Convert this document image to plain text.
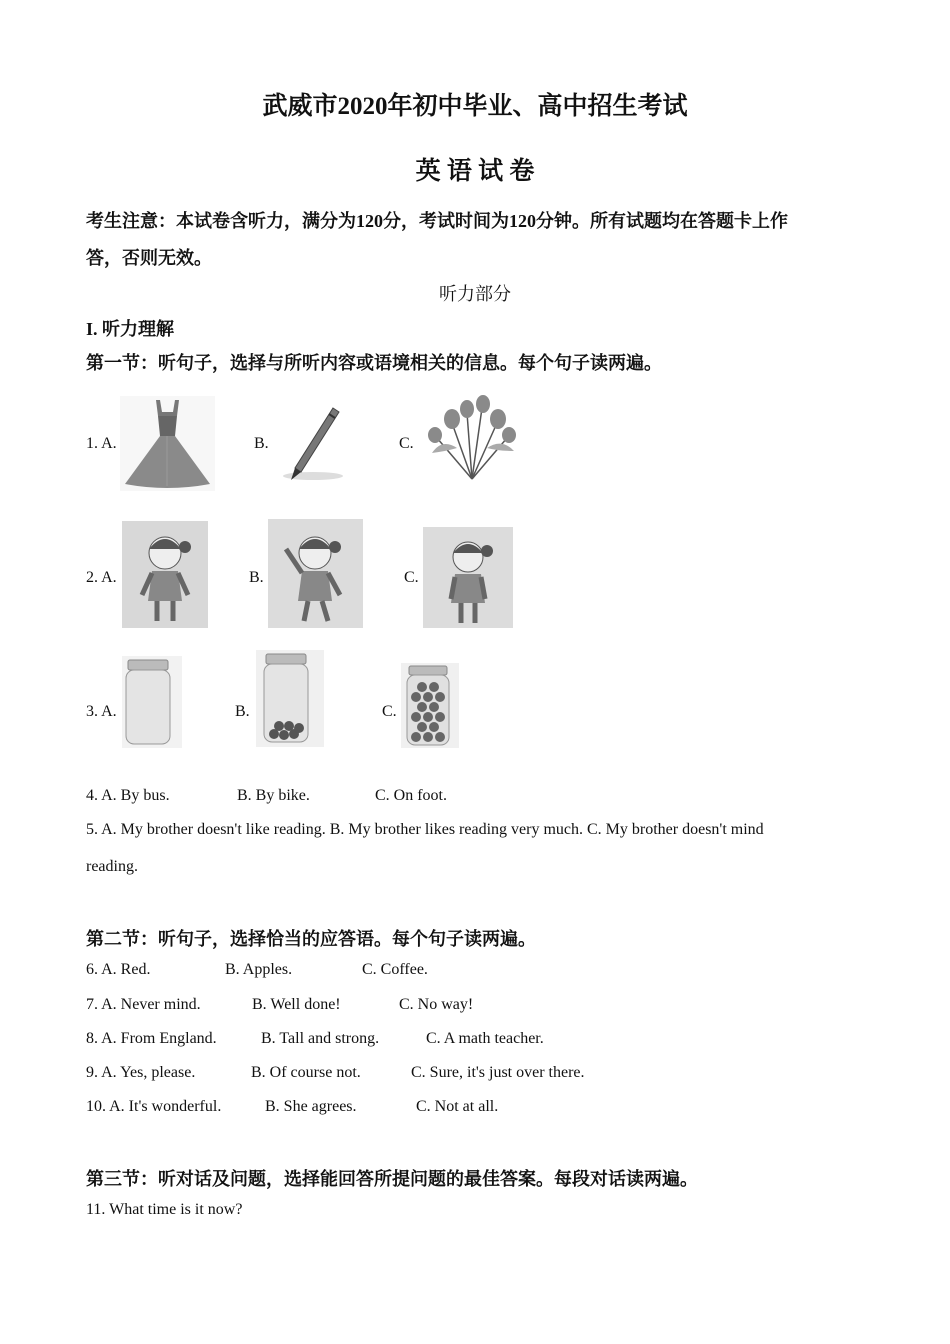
武威市2020年初中毕业、高中招生考试
英 语 试 卷
考生注意：本试卷含听力，满分为120分，考试时间为120分钟。所有试题均在答题卡上作
答，否则无效。
听力部分
I. 听力理解
第一节：听句子，选择与所听内容或语境相关的信息。每个句子读两遍。
1. A.	B.	C.
2. A.	B.	C.
3. A.	B.	C.
4. A. By bus.	B. By bike.	C. On foot.
5. A. My brother doesn't like reading. B. My brother likes reading very much. C. My brother doesn't mind
reading.
第二节：听句子，选择恰当的应答语。每个句子读两遍。
6. A. Red.	B. Apples.	C. Coffee.
7. A. Never mind.	B. Well done!	C. No way!
8. A. From England.	B. Tall and strong.	C. A math teacher.
9. A. Yes, please.	B. Of course not.	C. Sure, it's just over there.
10. A. It's wonderful.	B. She agrees.	C. Not at all.
第三节：听对话及问题，选择能回答所提问题的最佳答案。每段对话读两遍。
11. What time is it now?
